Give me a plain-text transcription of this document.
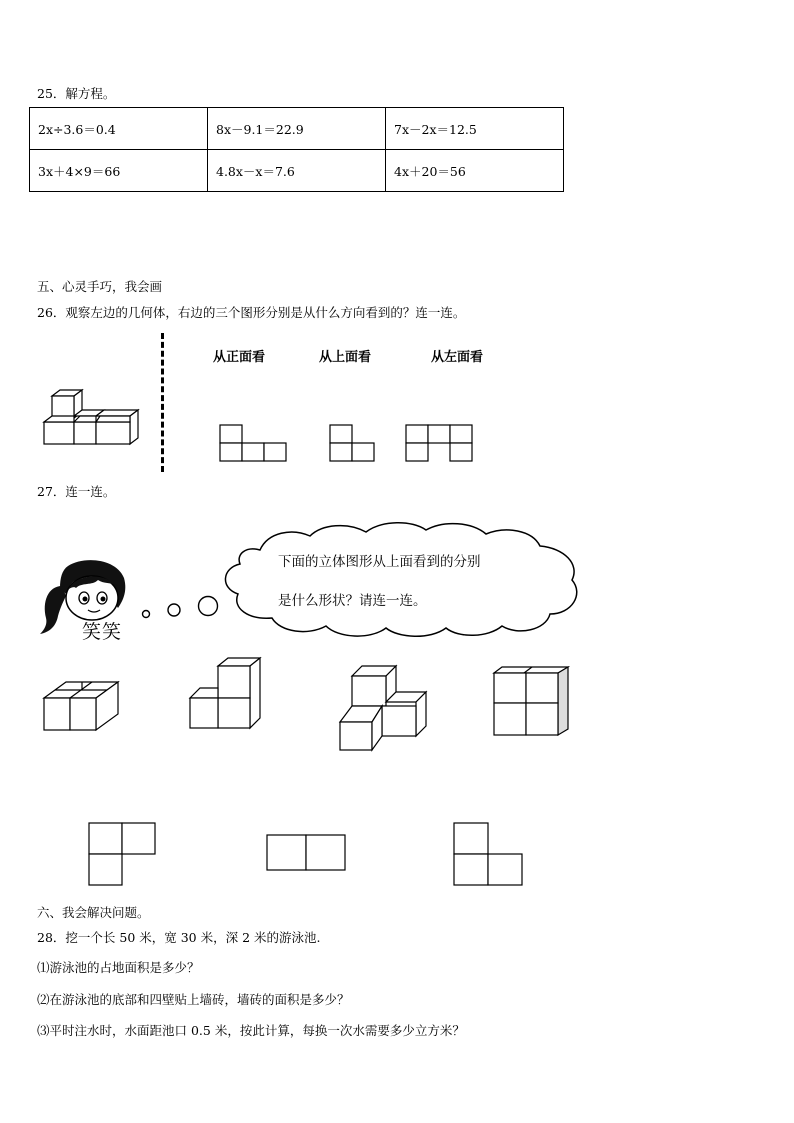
25．解方程。
2x÷3.6＝0.4	8x－9.1＝22.9	7x－2x＝12.5
3x＋4×9＝66	4.8x－x＝7.6	4x＋20＝56
五、心灵手巧，我会画
26．观察左边的几何体，右边的三个图形分别是从什么方向看到的？连一连。
从正面看	从上面看	从左面看
27．连一连。
笑笑
下面的立体图形从上面看到的分别
是什么形状？请连一连。
六、我会解决问题。
28．挖一个长 50 米，宽 30 米，深 2 米的游泳池.
⑴游泳池的占地面积是多少？
⑵在游泳池的底部和四壁贴上墙砖，墙砖的面积是多少？
⑶平时注水时，水面距池口 0.5 米，按此计算，每换一次水需要多少立方米？
